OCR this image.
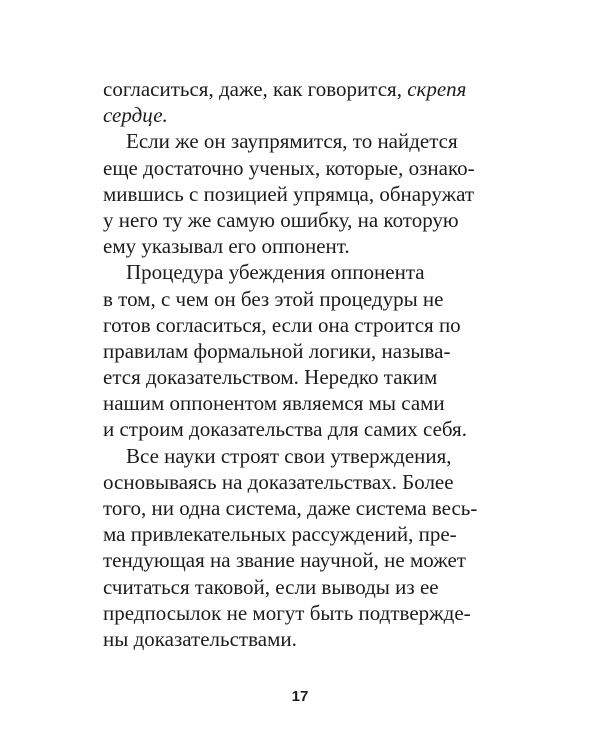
согласиться, даже, как говорится, скрепя
сердце.
Если же он заупрямится, то найдется
еще достаточно ученых, которые, ознако-
мившись с позицией упрямца, обнаружат
у него ту же самую ошибку, на которую
ему указывал его оппонент.
Процедура убеждения оппонента
в том, с чем он без этой процедуры не
готов согласиться, если она строится по
правилам формальной логики, называ-
ется доказательством. Нередко таким
нашим оппонентом являемся мы сами
и строим доказательства для самих себя.
Все науки строят свои утверждения,
основываясь на доказательствах. Более
того, ни одна система, даже система весь-
ма привлекательных рассуждений, пре-
тендующая на звание научной, не может
считаться таковой, если выводы из ее
предпосылок не могут быть подтвержде-
ны доказательствами.
17
